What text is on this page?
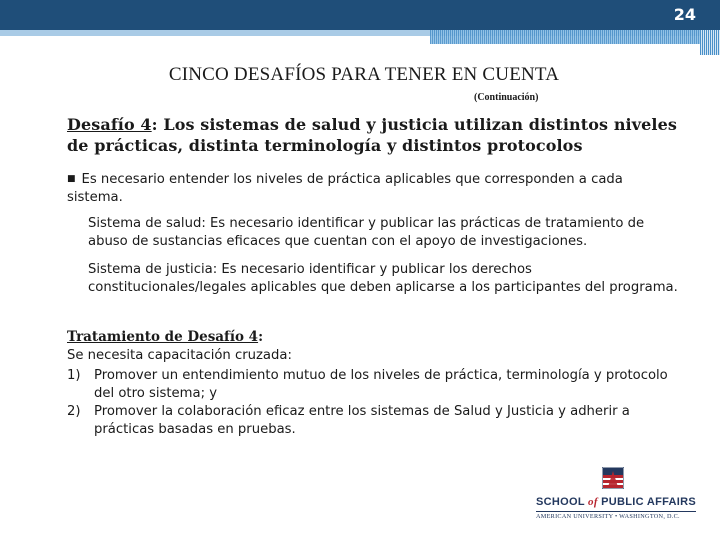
24
CINCO DESAFÍOS PARA TENER EN CUENTA
(Continuación)
Desafío 4: Los sistemas de salud y justicia utilizan distintos niveles de prácticas, distinta terminología y distintos protocolos
■ Es necesario entender los niveles de práctica aplicables que corresponden a cada sistema.
Sistema de salud: Es necesario identificar y publicar las prácticas de tratamiento de abuso de sustancias eficaces que cuentan con el apoyo de investigaciones.
Sistema de justicia: Es necesario identificar y publicar los derechos constitucionales/legales aplicables que deben aplicarse a los participantes del programa.
Tratamiento de Desafío 4:
Se necesita capacitación cruzada:
1)	Promover un entendimiento mutuo de los niveles de práctica, terminología y protocolo del otro sistema; y
2)	Promover la colaboración eficaz entre los sistemas de Salud y Justicia y adherir a prácticas basadas en pruebas.
SCHOOL of PUBLIC AFFAIRS
AMERICAN UNIVERSITY • WASHINGTON, D.C.
